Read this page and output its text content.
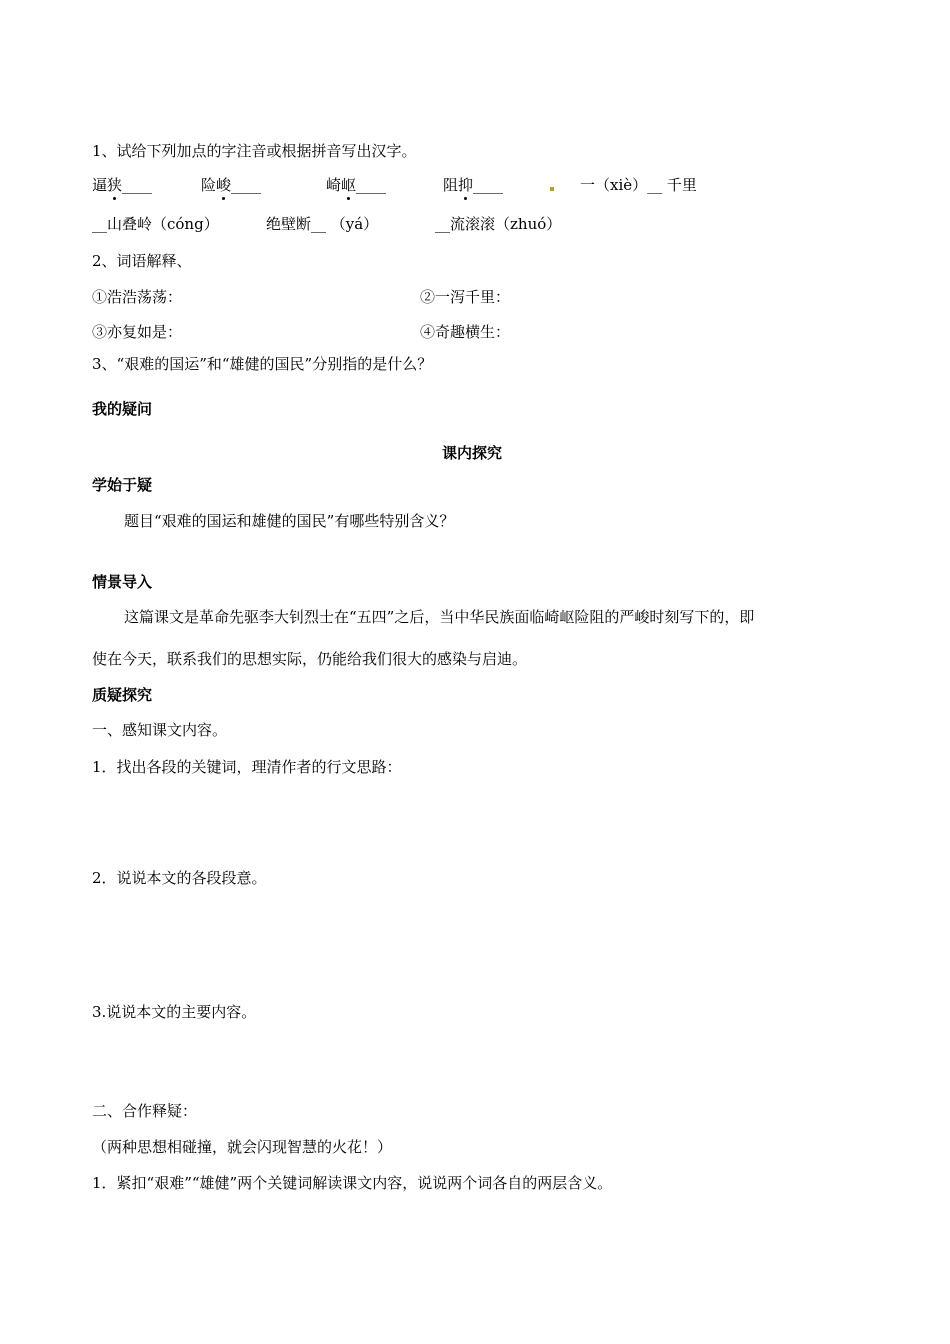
1、试给下列加点的字注音或根据拼音写出汉字。
逼狭____	险峻____	崎岖____	阻抑____	一（xiè）__ 千里
__山叠岭（cóng）	绝壁断__ （yá）	__流滚滚（zhuó）
2、词语解释、
①浩浩荡荡：	②一泻千里：
③亦复如是：	④奇趣横生：
3、“艰难的国运”和“雄健的国民”分别指的是什么？
我的疑问
课内探究
学始于疑
题目“艰难的国运和雄健的国民”有哪些特别含义？
情景导入
这篇课文是革命先驱李大钊烈士在“五四”之后，当中华民族面临崎岖险阻的严峻时刻写下的，即
使在今天，联系我们的思想实际，仍能给我们很大的感染与启迪。
质疑探究
一、感知课文内容。
1．找出各段的关键词，理清作者的行文思路：
2．说说本文的各段段意。
3.说说本文的主要内容。
二、合作释疑：
（两种思想相碰撞，就会闪现智慧的火花！）
1．紧扣“艰难”“雄健”两个关键词解读课文内容，说说两个词各自的两层含义。
